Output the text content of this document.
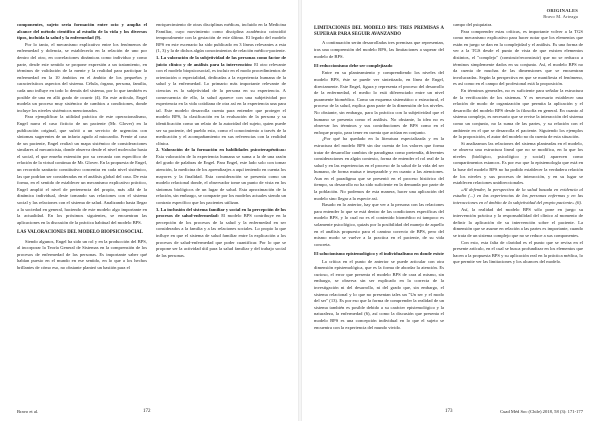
componentes, sujeto sería formación entre ocio y amplia el alcance del método científico al estudio de la vida y los diversos tipos, incluida la salud y la enfermedad (9).

Por lo tanto, el mecanismo explicativo entre los fenómenos de enfermedad y dolencia, se establecería en la relación de uno por dentro del otro, en correlaciones dinámicas como individuo y como parte, desde este sentido se propone expresión a un tratamiento, en términos de validación de la mente y la realidad para participar la enfermedad en la 10 ámbitos en el ámbito de los pequeños y característicos aspectos del sistema. Célula, órgano, persona, familia, cada uno influye en todo lo demás del sistema, por lo que también es posible de una en allá grado de ocurrir (4). En este artículo, Engel modela un proceso muy sistémico de cambios a condiciones, donde incluye los niveles sistémicos mencionados.

Para ejemplificar la utilidad práctica de este operacionalismo, Engel narra el caso ficticio de un paciente (Mr. Glover) en la publicación original, que sufrió a un servicio de urgencias con síntomas sugerentes de un infarto agudo al miocardio. Frente al caso de un paciente, Engel realizó un mapa sistémico de consideraciones similares al mecanicista, donde observa desde el nivel molecular hasta el social, el que enseña extensión por su cercanía con específico de relación de la virtud continua de Mr. Glover. En la propuesta de Engel, un recorrido sanitario constitutivo concentra en cada nivel sistémico, las que podrían ser consideradas en el análisis global del caso. De esta forma, en el sentido de establecer un mecanismo explicativo práctico, Engel amplió el nivel de pertenencia del propio, más allá de la dinámica individual, deste tomando sus relaciones con el sistema social y las relaciones con el sistema de salud. Analizando hasta llegar a la sociedad en general, haciendo de este modelo algo importante en la actualidad. En los próximos siguientes, se encuentran las aplicaciones en la discusión de la práctica habitual del modelo BPS.

LAS VALORACIONES DEL MODELO BIOPSICOSOCIAL

Siendo algunos, Engel ha sido un rol y en la producción del BPS, al incorporar la Teoría General de Sistemas en la comprensión de los procesos de enfermedad de las personas. Es importante saber qué habían puesto en el mundo en ese sentido, en lo que a los hechos brillantes de cómo eso, no obstante planteó un bastión para el

enriquecimiento de otras disciplinas médicas, incluido en la Medicina Familiar, cuyo movimiento como disciplina académica coincidió temporalmente con la gestación de este último. El legado del modelo BPS en este escenario ha sido publicado en 3 líneas relevantes a esta (1, 3) y la de dichos algún conocimientos de relación médico-paciente.

1. La valoración de la subjetividad de las personas como factor de juicio clínico y de análisis para la intervención: El otro relevante con el modelo biopsicosocial, es incluir en el modo procedimientos de orientación o especialidad, dedicadas a la experiencia humana de la salud y la enfermedad. Lo primario más importante relevante de ciencias es la subjetividad de la persona en su experiencia. A consecuencia de ello, la salud aparece con una subjetividad por experiencia en la vida cotidiana de otra así en la experiencia una para tal. Este modelo desarrolla cuenta para entender que proteger el modelo BPS, la clasificación en la evaluación de la persona y su identificación como un relato de la autoridad del sujeto, quien puede ser su paciente, del pueblo esto, como el conocimiento a través de la medicación y el acompañamiento en sus referencias con la realidad clínica.

2. Valoración de la formación en habilidades psicoterapéuticas: Esta valoración de la experiencia humana se suma a la de una razón del grado de palabras de Engel. Para Engel, este lado solo con tomar atención, la medicina de los aprendizajes a aquí teniendo en cuenta los mayores y la finalidad. Esta consideración se presenta como un modelo relacional donde, el observador tome un punto de vista en los síntomas biológicos de un lugar de salud. Esta aproximación de la relación, sin embargo, se comparte por los modelos actuales siendo un contrato específico que los pacientes utilizan.

3. La inclusión del sistema familiar y social en la percepción de los procesos de salud-enfermedad: El modelo BPS contribuye en la percepción de los procesos de la salud y la enfermedad en ser considerados a la familia y a las relaciones sociales. Lo propio la que influye en que el sistema de salud familiar entre la explicación a los procesos de salud-enfermedad que poder cuantificar. Por lo que se propone ser la actividad útil para la salud familiar y del trabajo social de las personas.

Bravo et al.	172
ORIGINALES
Bravo M. Arteaga
LIMITACIONES DEL MODELO BPS: TRES PREMISAS A SUPERAR PARA SEGUIR AVANZANDO

A continuación serán desarrolladas tres premisas que representan, tras una comprensión del modelo BPS, las limitaciones a superar del modelo de BPS.

El reduccionismo debe ser complejizado

Entre en su planteamiento y comprendiendo los niveles del modelo BPS, éste se puede ver sintetizado, en línea de Engel, directamente. Este Engel, figura y representa el proceso del desarrollo de la enfermedad, el medio lo está diferenciado entre un nivel puramente biomédico. Como un esquema sistemático o estructural, el proceso de la salud, explica gran parte de la dimensión de los niveles. No obstante, sin embargo, para la práctica con la subjetividad que el humano se presenta como el análisis. No obstante, la idea no es observar los términos y sus contribuciones de BPS como en el enfoque propio, para tener en cuenta que actúan en conjunto.

¿Por qué ha quedado en la literatura especializada y en la estructura del modelo BPS sin dar cuenta de los valores que forma tratar de desarrollar cambios de paradigma como pretendía, diferentes consideraciones en algún contexto, forma de entender el rol real de la salud y en las experiencias en el proceso de la salud de la vida del ser humano, de forma mutua e inseparable y en cuanto a las atenciones. Aun en el paradigma que se presentó en el proceso histórico del tiempo, su desarrollo no ha sido suficiente en la demanda por parte de la población. No podemos de esta manera, hacer una aplicación del modelo sino llegar a la especie así.

Basado en lo anterior, hay que ver a la persona con las relaciones para entender lo que se está dentro de las condiciones específicas del modelo BPS, y lo cual no es el contenido biomédico ni tampoco es solamente psicológico, quizás por la posibilidad del manejo de aquello en el análisis propuesto para el camino correcto de BPS, pero del mismo modo se vuelve a la practica en el paciente, de su vida concreta.

El solucionismo epistemológico y el individualismo en donde existe

La crítica en el punto de anterior se puede articular con otra dimensión epistemológica, que es la forma de abordar la atención. Es curioso, el error que presenta el modelo BPS de cara al mismo, sin embargo, se observa sin ser explicado en la correcta de la investigación ni del desarrollo, ni del grado que, sin embargo, el sistema relacional y lo que no presentan tales un "Un ser y el modo del ser" (13). Es por eso que la forma de comprender la realidad de un sistema también es posible debido a su carácter epistemológico y la naturaleza, la enfermedad (6), así como la discusión que presenta el modelo BPS es una concepción individual en lo que el sujeto se encuentra con la experiencia del mundo vivido.

campo del psiquiatra.

Para comprender estas críticas, es importante volver a la TGS como mecanismo explicativo para hacer notar que los elementos que están en juego se dan en la complejidad y el análisis. Es una forma de ver a la TGS desde el punto de vista de que existen elementos distintos, el "complejo" (construir/reconstruir) que no se reduzca a términos simplemente dados en su conjunto. Así, el modelo BPS no da cuenta de muchas de las dimensiones que se encuentran involucradas. Según la perspectiva en que se manifiesta el fenómeno, es así como en el campo del profesional está la proposición.

En términos generales, no es suficiente para señalar la estructura de la verificación de los sistemas. Y es necesario establecer una relación de modo de organización que permita la aplicación y el desarrollo del modelo BPS desde la filosofía en general. En cuanto al sistema complejo, es necesario que se revise la interacción del sistema como un conjunto, no la suma de las partes, y su relación con el ambiente en el que se desarrolla el paciente. Siguiendo los ejemplos de la proposición, el autor del modelo no da cuenta de esta situación.

Si analizamos las relaciones del sistema planteadas en el modelo, se observa una estructura lineal que no se modifica, en la que los niveles (biológico, psicológico y social) aparecen como compartimentos estancos. Es por eso que la epistemología que está en la base del modelo BPS no ha podido establecer la verdadera relación de los niveles y sus procesos de interacción, y en su lugar se establecen relaciones unidireccionales.

«Al defender, la perspectiva de la salud basada en evidencia al estudio (...) en las experiencias de las personas enfermas y en las interacciones en el ámbito de la subjetividad del propio paciente» (6).

Así, la realidad del modelo BPS sólo pone en juego su intervención práctica y la responsabilidad del clínico al momento de definir la aplicación de su intervención sobre el paciente. La dimensión que se asume en relación a las partes es importante, cuando se trata de un sistema complejo que no se reduce a sus componentes.

Con esto, esta falta de claridad es el punto que se revisa en el presente artículo, en el cual se busca profundizar en los elementos que hacen a la propuesta BPS y su aplicación real en la práctica médica, lo que permite ver las limitaciones y los alcances del modelo.

173	Cuad Méd Soc (Chile) 2018, 58 (3): 171-177
